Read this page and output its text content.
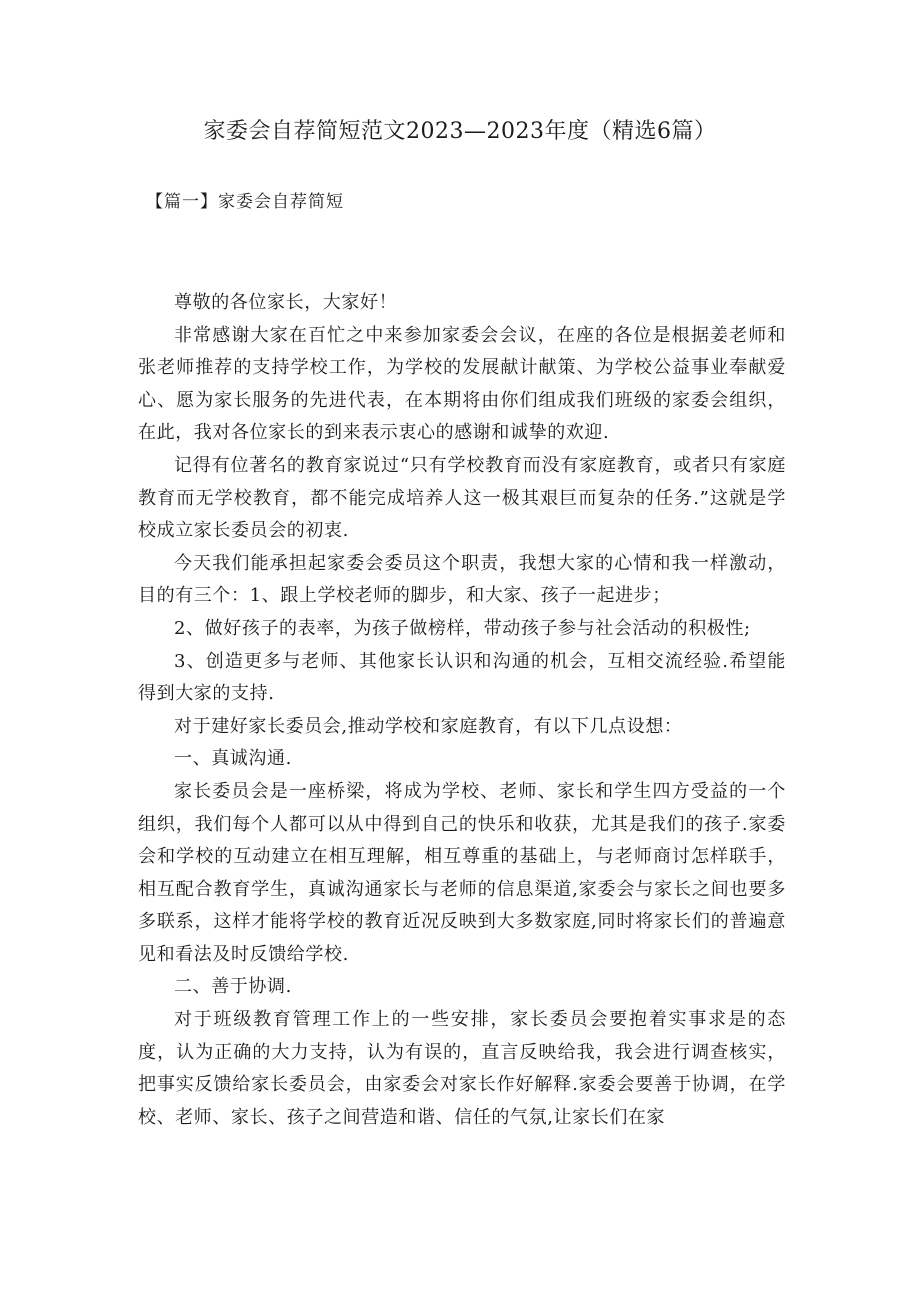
家委会自荐简短范文2023—2023年度（精选6篇）
【篇一】家委会自荐简短

尊敬的各位家长，大家好！

非常感谢大家在百忙之中来参加家委会会议，在座的各位是根据姜老师和张老师推荐的支持学校工作，为学校的发展献计献策、为学校公益事业奉献爱心、愿为家长服务的先进代表，在本期将由你们组成我们班级的家委会组织，在此，我对各位家长的到来表示衷心的感谢和诚挚的欢迎.

记得有位著名的教育家说过“只有学校教育而没有家庭教育，或者只有家庭教育而无学校教育，都不能完成培养人这一极其艰巨而复杂的任务.”这就是学校成立家长委员会的初衷.

今天我们能承担起家委会委员这个职责，我想大家的心情和我一样激动，目的有三个：1、跟上学校老师的脚步，和大家、孩子一起进步；

2、做好孩子的表率，为孩子做榜样，带动孩子参与社会活动的积极性;

3、创造更多与老师、其他家长认识和沟通的机会，互相交流经验.希望能得到大家的支持.

对于建好家长委员会,推动学校和家庭教育，有以下几点设想：

一、真诚沟通.

家长委员会是一座桥梁，将成为学校、老师、家长和学生四方受益的一个组织，我们每个人都可以从中得到自己的快乐和收获，尤其是我们的孩子.家委会和学校的互动建立在相互理解，相互尊重的基础上，与老师商讨怎样联手，相互配合教育学生，真诚沟通家长与老师的信息渠道,家委会与家长之间也要多多联系，这样才能将学校的教育近况反映到大多数家庭,同时将家长们的普遍意见和看法及时反馈给学校.

二、善于协调.

对于班级教育管理工作上的一些安排，家长委员会要抱着实事求是的态度，认为正确的大力支持，认为有误的，直言反映给我，我会进行调查核实，把事实反馈给家长委员会，由家委会对家长作好解释.家委会要善于协调，在学校、老师、家长、孩子之间营造和谐、信任的气氛,让家长们在家
